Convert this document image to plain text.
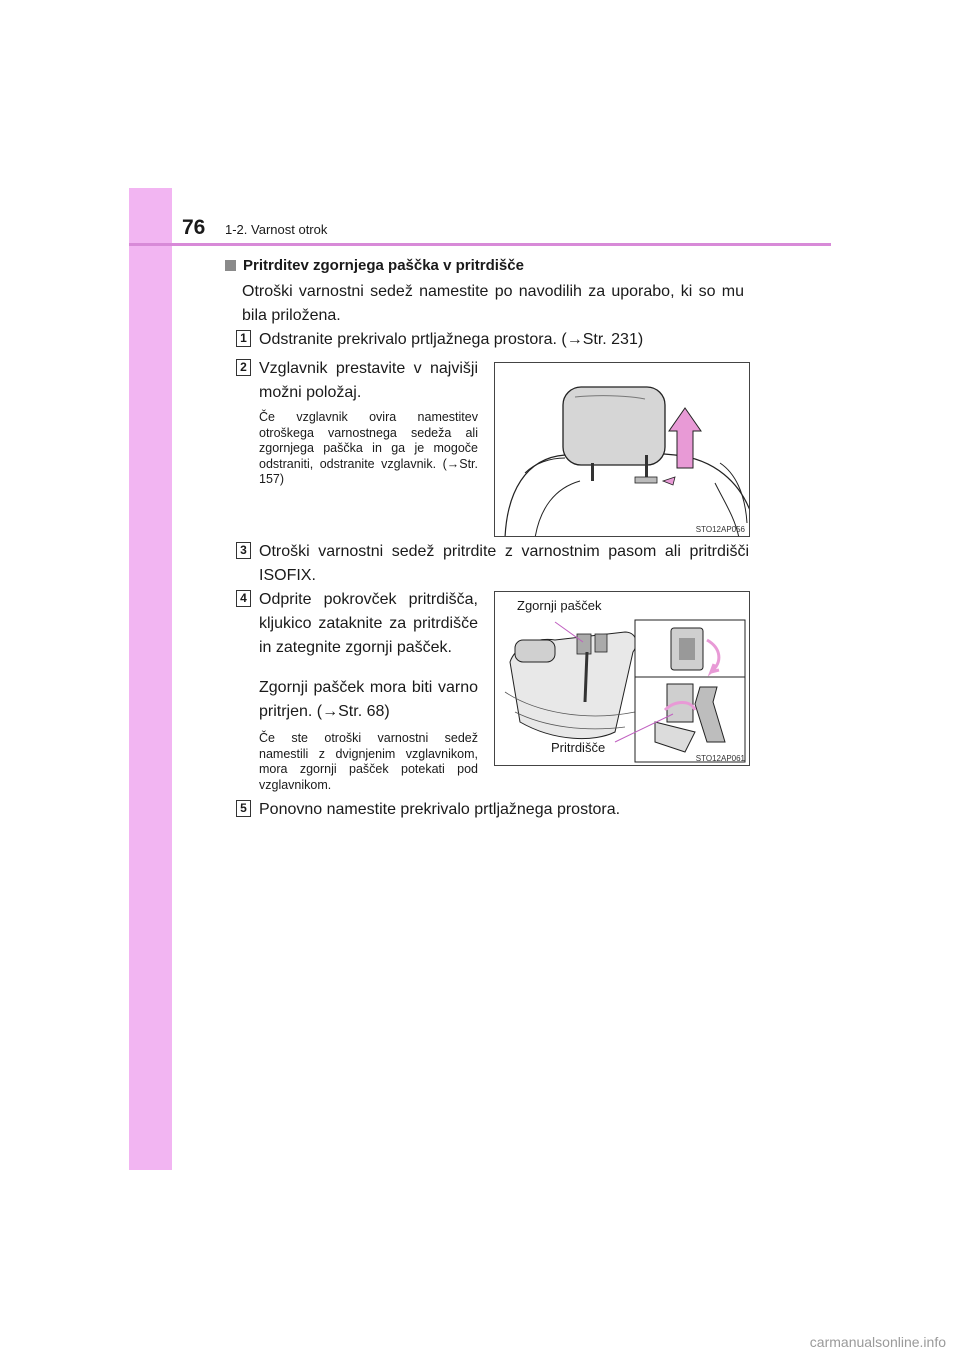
76 1-2. Varnost otrok
Pritrditev zgornjega paščka v pritrdišče
Otroški varnostni sedež namestite po navodilih za uporabo, ki so mu bila priložena.
1 Odstranite prekrivalo prtljažnega prostora. (→Str. 231)
2 Vzglavnik prestavite v najvišji možni položaj.
Če vzglavnik ovira namestitev otroškega varnostnega sedeža ali zgornjega paščka in ga je mogoče odstraniti, odstranite vzglavnik. (→Str. 157)
STO12AP056
3 Otroški varnostni sedež pritrdite z varnostnim pasom ali pritrdišči ISOFIX.
4 Odprite pokrovček pritrdišča, kljukico zataknite za pritrdišče in zategnite zgornji pašček.
Zgornji pašček mora biti varno pritrjen. (→Str. 68)
Če ste otroški varnostni sedež namestili z dvignjenim vzglavnikom, mora zgornji pašček potekati pod vzglavnikom.
Zgornji pašček
Pritrdišče
STO12AP061
5 Ponovno namestite prekrivalo prtljažnega prostora.
carmanualsonline.info
